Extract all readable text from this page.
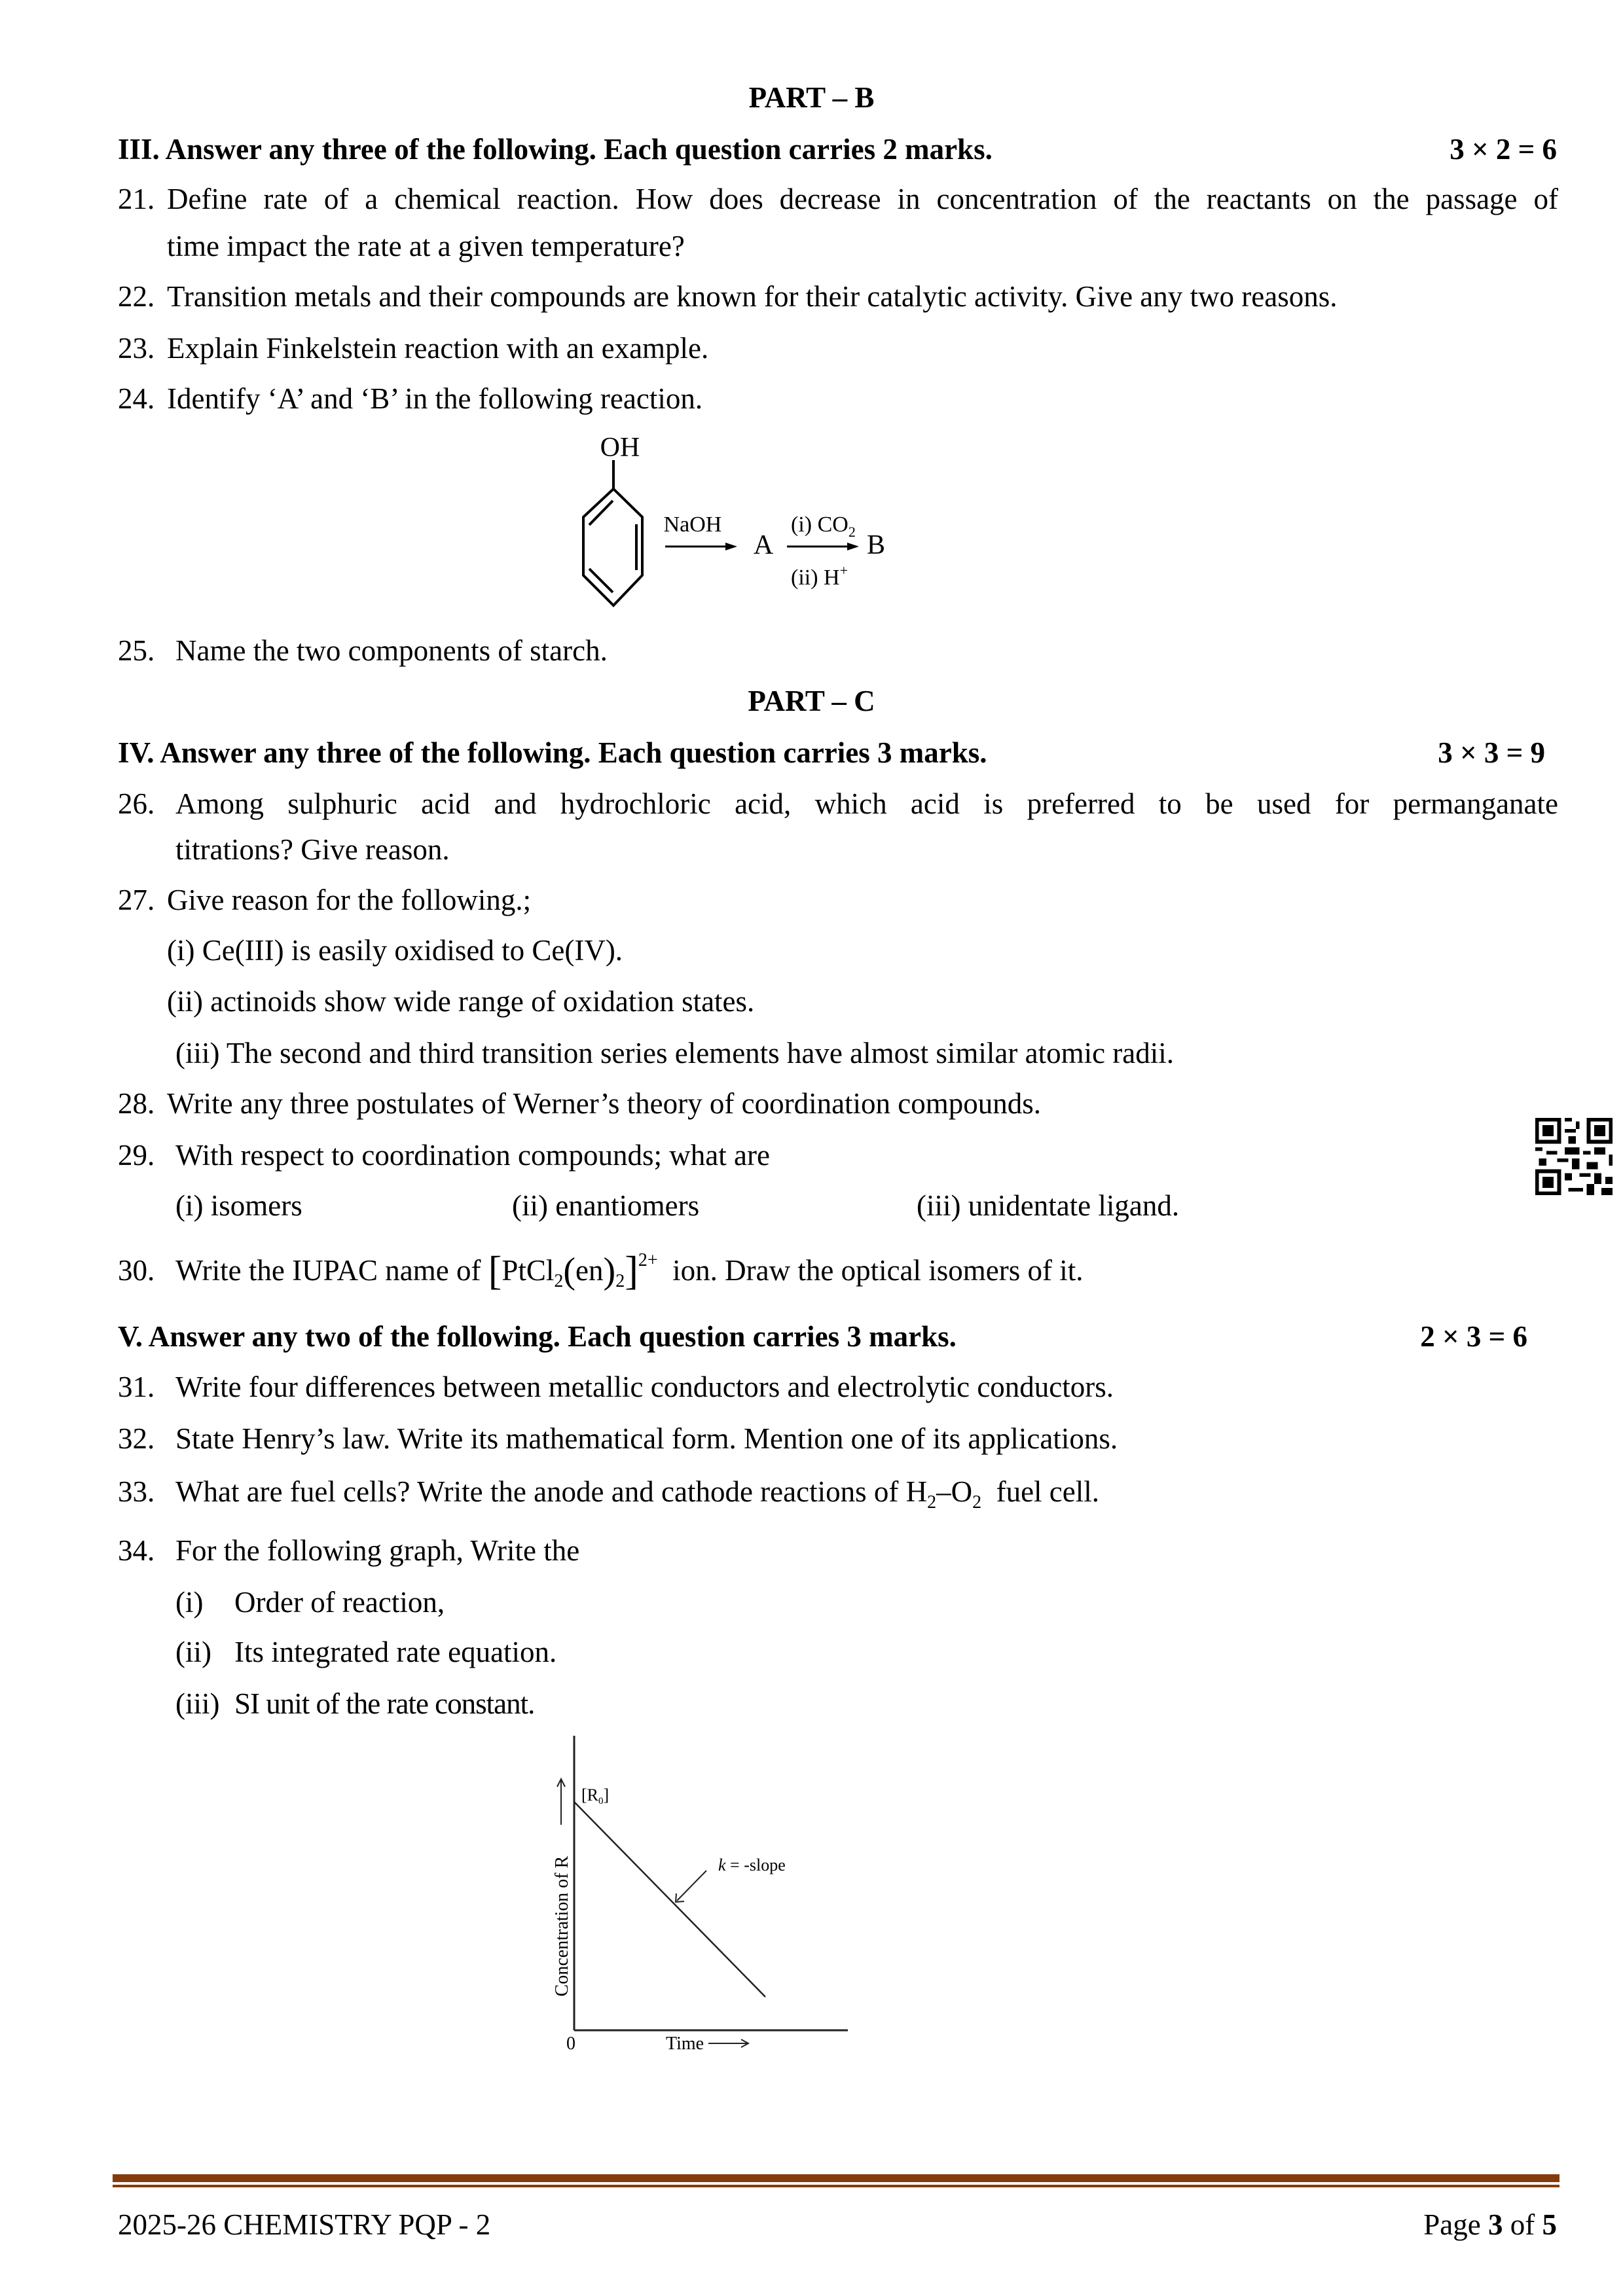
PART – B
III. Answer any three of the following. Each question carries 2 marks.	3 × 2 = 6
21. Define rate of a chemical reaction. How does decrease in concentration of the reactants on the passage of
time impact the rate at a given temperature?
22. Transition metals and their compounds are known for their catalytic activity. Give any two reasons.
23. Explain Finkelstein reaction with an example.
24. Identify ‘A’ and ‘B’ in the following reaction.
OH
NaOH
A
(i) $CO_2$
(ii) H+
B
25. Name the two components of starch.
PART – C
IV. Answer any three of the following. Each question carries 3 marks.	3 × 3 = 9
26. Among sulphuric acid and hydrochloric acid, which acid is preferred to be used for permanganate
titrations? Give reason.
27. Give reason for the following.;
(i) Ce(III) is easily oxidised to Ce(IV).
(ii) actinoids show wide range of oxidation states.
(iii) The second and third transition series elements have almost similar atomic radii.
28. Write any three postulates of Werner’s theory of coordination compounds.
29. With respect to coordination compounds; what are
(i) isomers	(ii) enantiomers	(iii) unidentate ligand.
30. Write the IUPAC name of $[PtCl_2(en)_2]^{2+}$ ion. Draw the optical isomers of it.
V. Answer any two of the following. Each question carries 3 marks.	2 × 3 = 6
31. Write four differences between metallic conductors and electrolytic conductors.
32. State Henry’s law. Write its mathematical form. Mention one of its applications.
33. What are fuel cells? Write the anode and cathode reactions of $H_2-O_2$ fuel cell.
34. For the following graph, Write the
(i) Order of reaction,
(ii) Its integrated rate equation.
(iii) SI unit of the rate constant.
[R0]
k = -slope
Concentration of R
0	Time
2025-26 CHEMISTRY PQP - 2	Page 3 of 5
